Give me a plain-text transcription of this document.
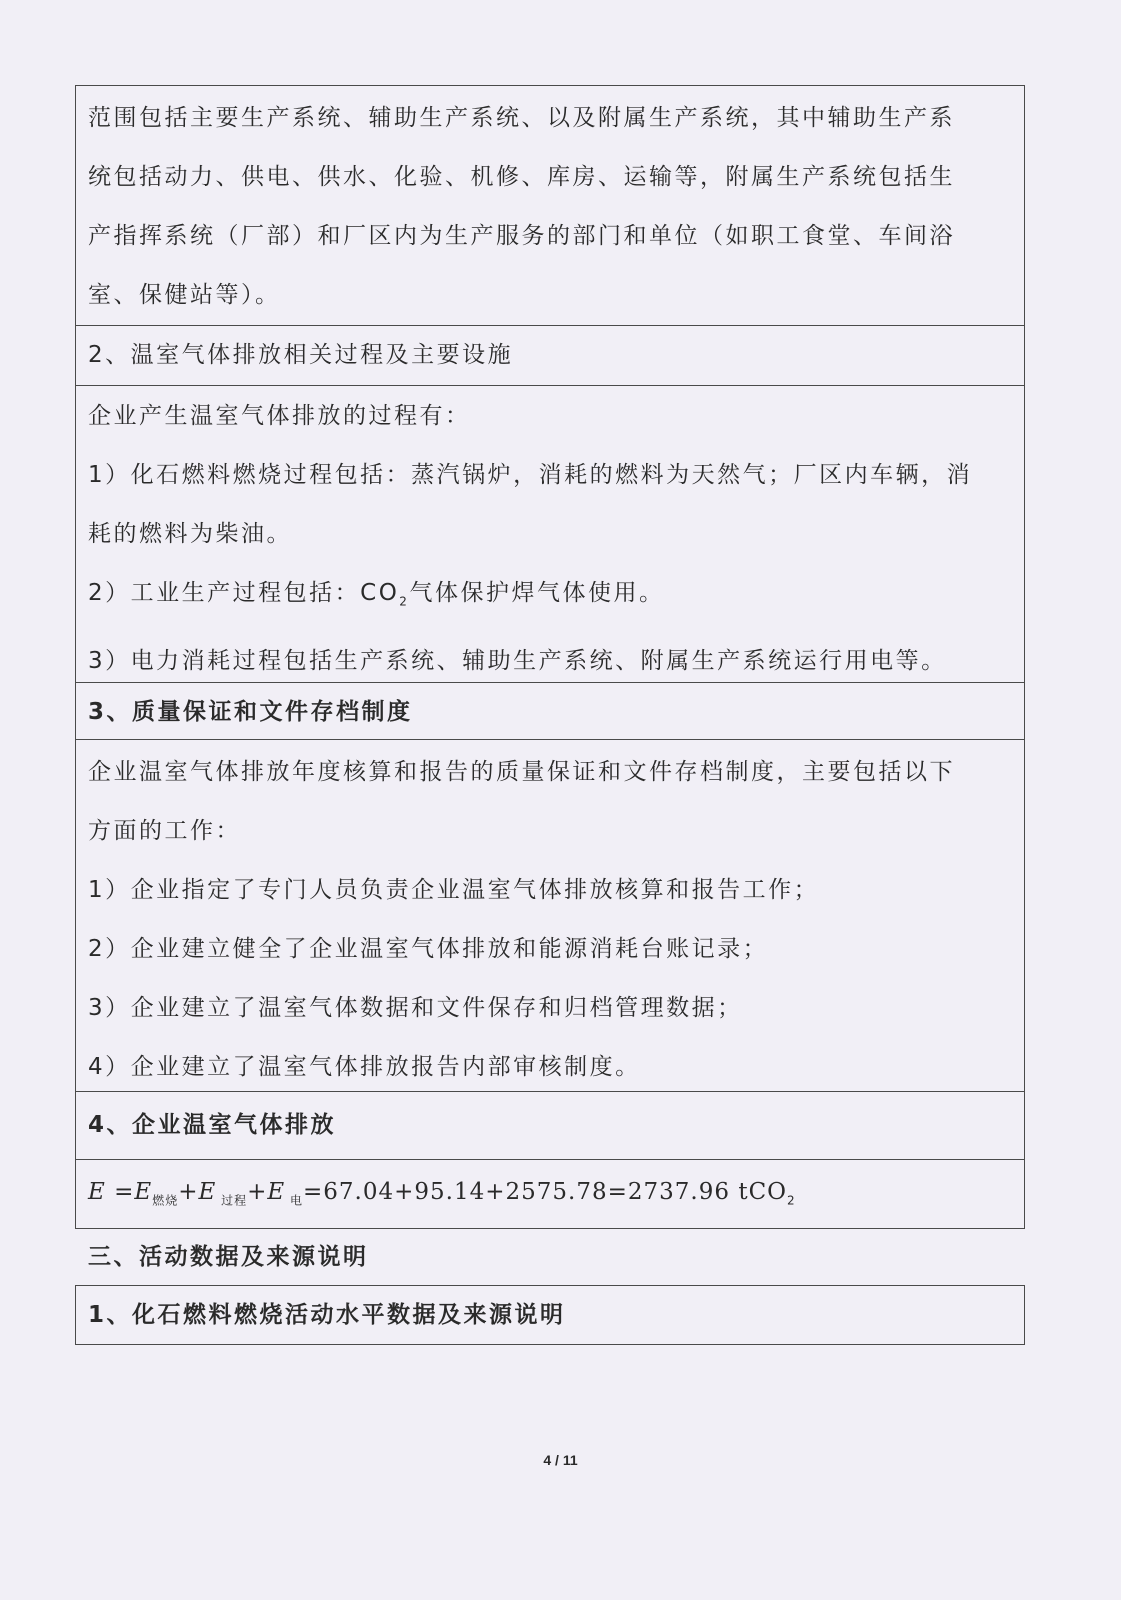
范围包括主要生产系统、辅助生产系统、以及附属生产系统，其中辅助生产系
统包括动力、供电、供水、化验、机修、库房、运输等，附属生产系统包括生
产指挥系统（厂部）和厂区内为生产服务的部门和单位（如职工食堂、车间浴
室、保健站等）。
2、温室气体排放相关过程及主要设施
企业产生温室气体排放的过程有：
1）化石燃料燃烧过程包括：蒸汽锅炉，消耗的燃料为天然气；厂区内车辆，消
耗的燃料为柴油。
2）工业生产过程包括：$CO_2$气体保护焊气体使用。
3）电力消耗过程包括生产系统、辅助生产系统、附属生产系统运行用电等。
3、质量保证和文件存档制度
企业温室气体排放年度核算和报告的质量保证和文件存档制度，主要包括以下
方面的工作：
1）企业指定了专门人员负责企业温室气体排放核算和报告工作；
2）企业建立健全了企业温室气体排放和能源消耗台账记录；
3）企业建立了温室气体数据和文件保存和归档管理数据；
4）企业建立了温室气体排放报告内部审核制度。
4、企业温室气体排放
$E =E_{燃烧}+E$ $_{过程}$+E $_电$=67.04+95.14+2575.78=2737.96 tCO$_2$
三、活动数据及来源说明
1、化石燃料燃烧活动水平数据及来源说明
4 / 11
